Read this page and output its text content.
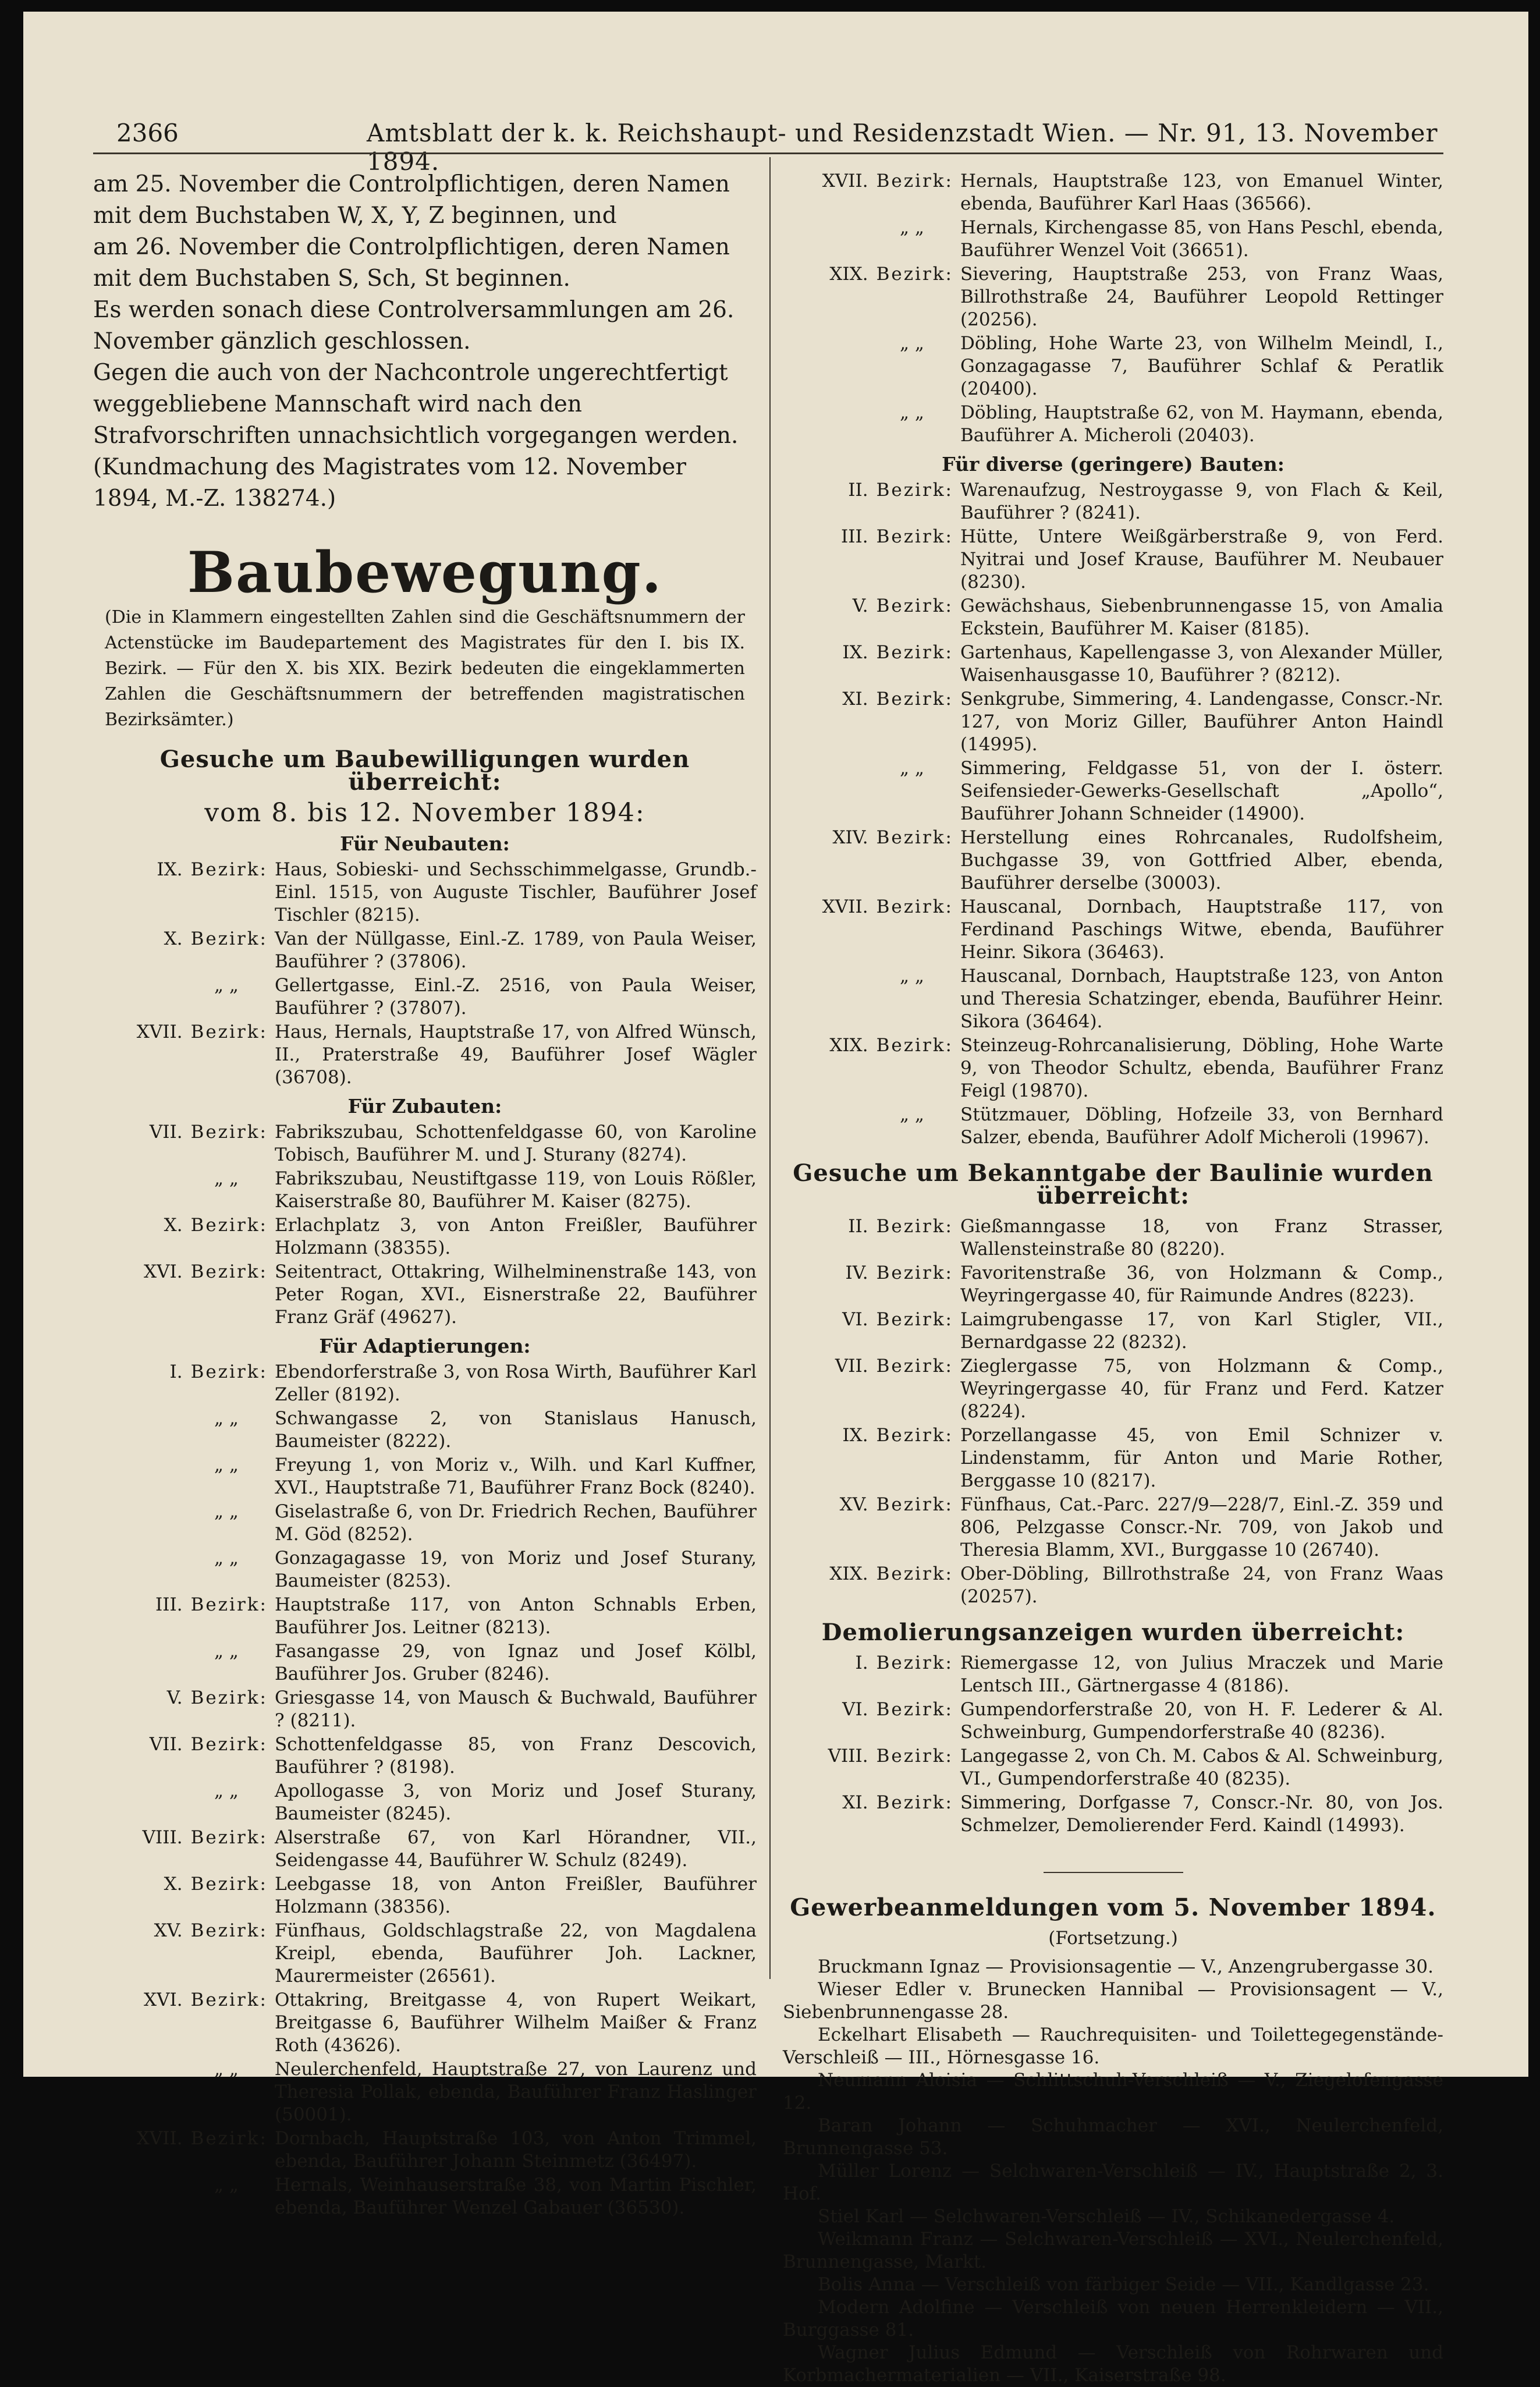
2366	Amtsblatt der k. k. Reichshaupt- und Residenzstadt Wien. — Nr. 91, 13. November 1894.

am 25. November die Controlpflichtigen, deren Namen mit dem Buchstaben W, X, Y, Z beginnen, und

am 26. November die Controlpflichtigen, deren Namen mit dem Buchstaben S, Sch, St beginnen.

Es werden sonach diese Controlversammlungen am 26. November gänzlich geschlossen.

Gegen die auch von der Nachcontrole ungerechtfertigt weggebliebene Mannschaft wird nach den Strafvorschriften unnachsichtlich vorgegangen werden. (Kundmachung des Magistrates vom 12. November 1894, M.-Z. 138274.)

Baubewegung.
(Die in Klammern eingestellten Zahlen sind die Geschäftsnummern der Actenstücke im Baudepartement des Magistrates für den I. bis IX. Bezirk. — Für den X. bis XIX. Bezirk bedeuten die eingeklammerten Zahlen die Geschäftsnummern der betreffenden magistratischen Bezirksämter.)
Gesuche um Baubewilligungen wurden überreicht:
vom 8. bis 12. November 1894:
Für Neubauten:
IX. Bezirk: Haus, Sobieski- und Sechsschimmelgasse, Grundb.-Einl. 1515, von Auguste Tischler, Bauführer Josef Tischler (8215).
X. Bezirk: Van der Nüllgasse, Einl.-Z. 1789, von Paula Weiser, Bauführer ? (37806).
„ „	Gellertgasse, Einl.-Z. 2516, von Paula Weiser, Bauführer ? (37807).
XVII. Bezirk: Haus, Hernals, Hauptstraße 17, von Alfred Wünsch, II., Praterstraße 49, Bauführer Josef Wägler (36708).
Für Zubauten:
VII. Bezirk: Fabrikszubau, Schottenfeldgasse 60, von Karoline Tobisch, Bauführer M. und J. Sturany (8274).
„ „	Fabrikszubau, Neustiftgasse 119, von Louis Rößler, Kaiserstraße 80, Bauführer M. Kaiser (8275).
X. Bezirk: Erlachplatz 3, von Anton Freißler, Bauführer Holzmann (38355).
XVI. Bezirk: Seitentract, Ottakring, Wilhelminenstraße 143, von Peter Rogan, XVI., Eisnerstraße 22, Bauführer Franz Gräf (49627).
Für Adaptierungen:
I. Bezirk: Ebendorferstraße 3, von Rosa Wirth, Bauführer Karl Zeller (8192).
„ „	Schwangasse 2, von Stanislaus Hanusch, Baumeister (8222).
„ „	Freyung 1, von Moriz v., Wilh. und Karl Kuffner, XVI., Hauptstraße 71, Bauführer Franz Bock (8240).
„ „	Giselastraße 6, von Dr. Friedrich Rechen, Bauführer M. Göd (8252).
„ „	Gonzagagasse 19, von Moriz und Josef Sturany, Baumeister (8253).
III. Bezirk: Hauptstraße 117, von Anton Schnabls Erben, Bauführer Jos. Leitner (8213).
„ „	Fasangasse 29, von Ignaz und Josef Kölbl, Bauführer Jos. Gruber (8246).
V. Bezirk: Griesgasse 14, von Mausch & Buchwald, Bauführer ? (8211).
VII. Bezirk: Schottenfeldgasse 85, von Franz Descovich, Bauführer ? (8198).
„ „	Apollogasse 3, von Moriz und Josef Sturany, Baumeister (8245).
VIII. Bezirk: Alserstraße 67, von Karl Hörandner, VII., Seidengasse 44, Bauführer W. Schulz (8249).
X. Bezirk: Leebgasse 18, von Anton Freißler, Bauführer Holzmann (38356).
XV. Bezirk: Fünfhaus, Goldschlagstraße 22, von Magdalena Kreipl, ebenda, Bauführer Joh. Lackner, Maurermeister (26561).
XVI. Bezirk: Ottakring, Breitgasse 4, von Rupert Weikart, Breitgasse 6, Bauführer Wilhelm Maißer & Franz Roth (43626).
„ „	Neulerchenfeld, Hauptstraße 27, von Laurenz und Theresia Pollak, ebenda, Bauführer Franz Haslinger (50001).
XVII. Bezirk: Dornbach, Hauptstraße 103, von Anton Trimmel, ebenda, Bauführer Johann Steinmetz (36497).
„ „	Hernals, Weinhauserstraße 38, von Martin Pischler, ebenda, Bauführer Wenzel Gabauer (36530).
XVII. Bezirk: Hernals, Hauptstraße 123, von Emanuel Winter, ebenda, Bauführer Karl Haas (36566).
„ „	Hernals, Kirchengasse 85, von Hans Peschl, ebenda, Bauführer Wenzel Voit (36651).
XIX. Bezirk: Sievering, Hauptstraße 253, von Franz Waas, Billrothstraße 24, Bauführer Leopold Rettinger (20256).
„ „	Döbling, Hohe Warte 23, von Wilhelm Meindl, I., Gonzagagasse 7, Bauführer Schlaf & Peratlik (20400).
„ „	Döbling, Hauptstraße 62, von M. Haymann, ebenda, Bauführer A. Micheroli (20403).
Für diverse (geringere) Bauten:
II. Bezirk: Warenaufzug, Nestroygasse 9, von Flach & Keil, Bauführer ? (8241).
III. Bezirk: Hütte, Untere Weißgärberstraße 9, von Ferd. Nyitrai und Josef Krause, Bauführer M. Neubauer (8230).
V. Bezirk: Gewächshaus, Siebenbrunnengasse 15, von Amalia Eckstein, Bauführer M. Kaiser (8185).
IX. Bezirk: Gartenhaus, Kapellengasse 3, von Alexander Müller, Waisenhausgasse 10, Bauführer ? (8212).
XI. Bezirk: Senkgrube, Simmering, 4. Landengasse, Conscr.-Nr. 127, von Moriz Giller, Bauführer Anton Haindl (14995).
„ „	Simmering, Feldgasse 51, von der I. österr. Seifensieder-Gewerks-Gesellschaft „Apollo“, Bauführer Johann Schneider (14900).
XIV. Bezirk: Herstellung eines Rohrcanales, Rudolfsheim, Buchgasse 39, von Gottfried Alber, ebenda, Bauführer derselbe (30003).
XVII. Bezirk: Hauscanal, Dornbach, Hauptstraße 117, von Ferdinand Paschings Witwe, ebenda, Bauführer Heinr. Sikora (36463).
„ „	Hauscanal, Dornbach, Hauptstraße 123, von Anton und Theresia Schatzinger, ebenda, Bauführer Heinr. Sikora (36464).
XIX. Bezirk: Steinzeug-Rohrcanalisierung, Döbling, Hohe Warte 9, von Theodor Schultz, ebenda, Bauführer Franz Feigl (19870).
„ „	Stützmauer, Döbling, Hofzeile 33, von Bernhard Salzer, ebenda, Bauführer Adolf Micheroli (19967).
Gesuche um Bekanntgabe der Baulinie wurden überreicht:
II. Bezirk: Gießmanngasse 18, von Franz Strasser, Wallensteinstraße 80 (8220).
IV. Bezirk: Favoritenstraße 36, von Holzmann & Comp., Weyringergasse 40, für Raimunde Andres (8223).
VI. Bezirk: Laimgrubengasse 17, von Karl Stigler, VII., Bernardgasse 22 (8232).
VII. Bezirk: Zieglergasse 75, von Holzmann & Comp., Weyringergasse 40, für Franz und Ferd. Katzer (8224).
IX. Bezirk: Porzellangasse 45, von Emil Schnizer v. Lindenstamm, für Anton und Marie Rother, Berggasse 10 (8217).
XV. Bezirk: Fünfhaus, Cat.-Parc. 227/9—228/7, Einl.-Z. 359 und 806, Pelzgasse Conscr.-Nr. 709, von Jakob und Theresia Blamm, XVI., Burggasse 10 (26740).
XIX. Bezirk: Ober-Döbling, Billrothstraße 24, von Franz Waas (20257).
Demolierungsanzeigen wurden überreicht:
I. Bezirk: Riemergasse 12, von Julius Mraczek und Marie Lentsch III., Gärtnergasse 4 (8186).
VI. Bezirk: Gumpendorferstraße 20, von H. F. Lederer & Al. Schweinburg, Gumpendorferstraße 40 (8236).
VIII. Bezirk: Langegasse 2, von Ch. M. Cabos & Al. Schweinburg, VI., Gumpendorferstraße 40 (8235).
XI. Bezirk: Simmering, Dorfgasse 7, Conscr.-Nr. 80, von Jos. Schmelzer, Demolierender Ferd. Kaindl (14993).
Gewerbeanmeldungen vom 5. November 1894.
(Fortsetzung.)

Bruckmann Ignaz — Provisionsagentie — V., Anzengrubergasse 30.

Wieser Edler v. Brunecken Hannibal — Provisionsagent — V., Siebenbrunnengasse 28.

Eckelhart Elisabeth — Rauchrequisiten- und Toilettegegenstände-Verschleiß — III., Hörnesgasse 16.

Neumann Aloisia — Schlittschuh-Verschleiß — V., Ziegelofengasse 12.

Baran Johann — Schuhmacher — XVI., Neulerchenfeld, Brunnengasse 53.

Müller Lorenz — Selchwaren-Verschleiß — IV., Hauptstraße 2, 3. Hof.

Stiel Karl — Selchwaren-Verschleiß — IV., Schikanedergasse 4.

Weikmann Franz — Selchwaren-Verschleiß — XVI., Neulerchenfeld, Brunnengasse, Markt.

Bolis Anna — Verschleiß von färbiger Seide — VII., Kandlgasse 23.

Modern Adolfine — Verschleiß von neuen Herrenkleidern — VII., Burggasse 81.

Wagner Julius Edmund — Verschleiß von Rohrwaren und Korbmachermaterialien — VII., Kaiserstraße 98.
